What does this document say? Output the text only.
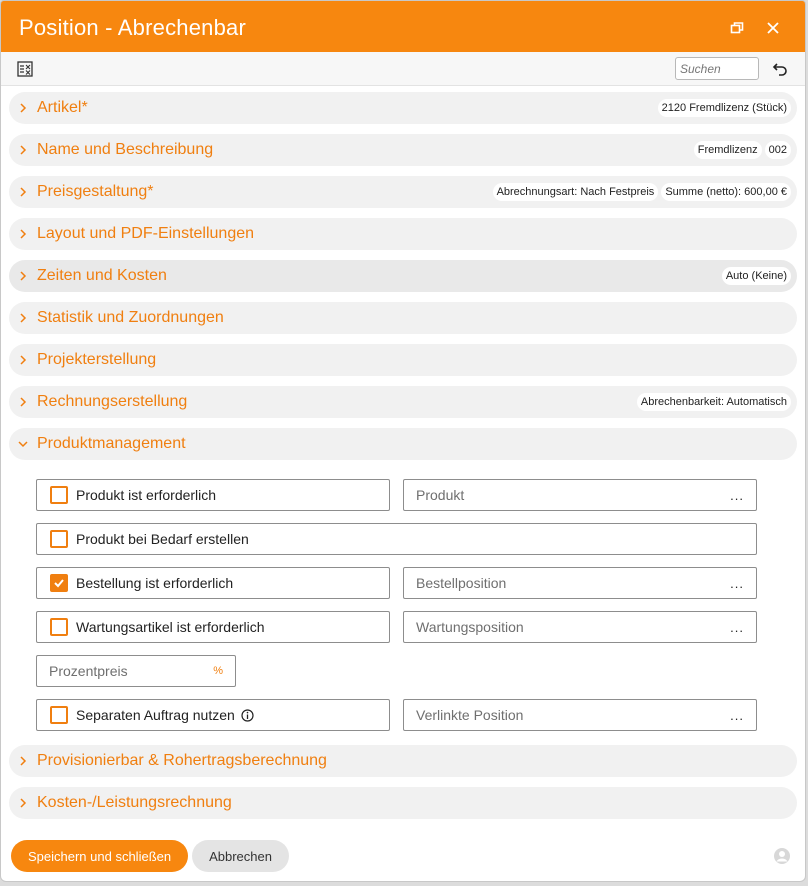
Position - Abrechenbar
Suchen
Artikel*	2120 Fremdlizenz (Stück)
Name und Beschreibung	Fremdlizenz	002
Preisgestaltung*	Abrechnungsart: Nach Festpreis	Summe (netto): 600,00 €
Layout und PDF-Einstellungen
Zeiten und Kosten	Auto (Keine)
Statistik und Zuordnungen
Projekterstellung
Rechnungserstellung	Abrechenbarkeit: Automatisch
Produktmanagement
Produkt ist erforderlich	Produkt	...
Produkt bei Bedarf erstellen
Bestellung ist erforderlich	Bestellposition	...
Wartungsartikel ist erforderlich	Wartungsposition	...
Prozentpreis	%
Separaten Auftrag nutzen	Verlinkte Position	...
Provisionierbar & Rohertragsberechnung
Kosten-/Leistungsrechnung
Speichern und schließen	Abbrechen
